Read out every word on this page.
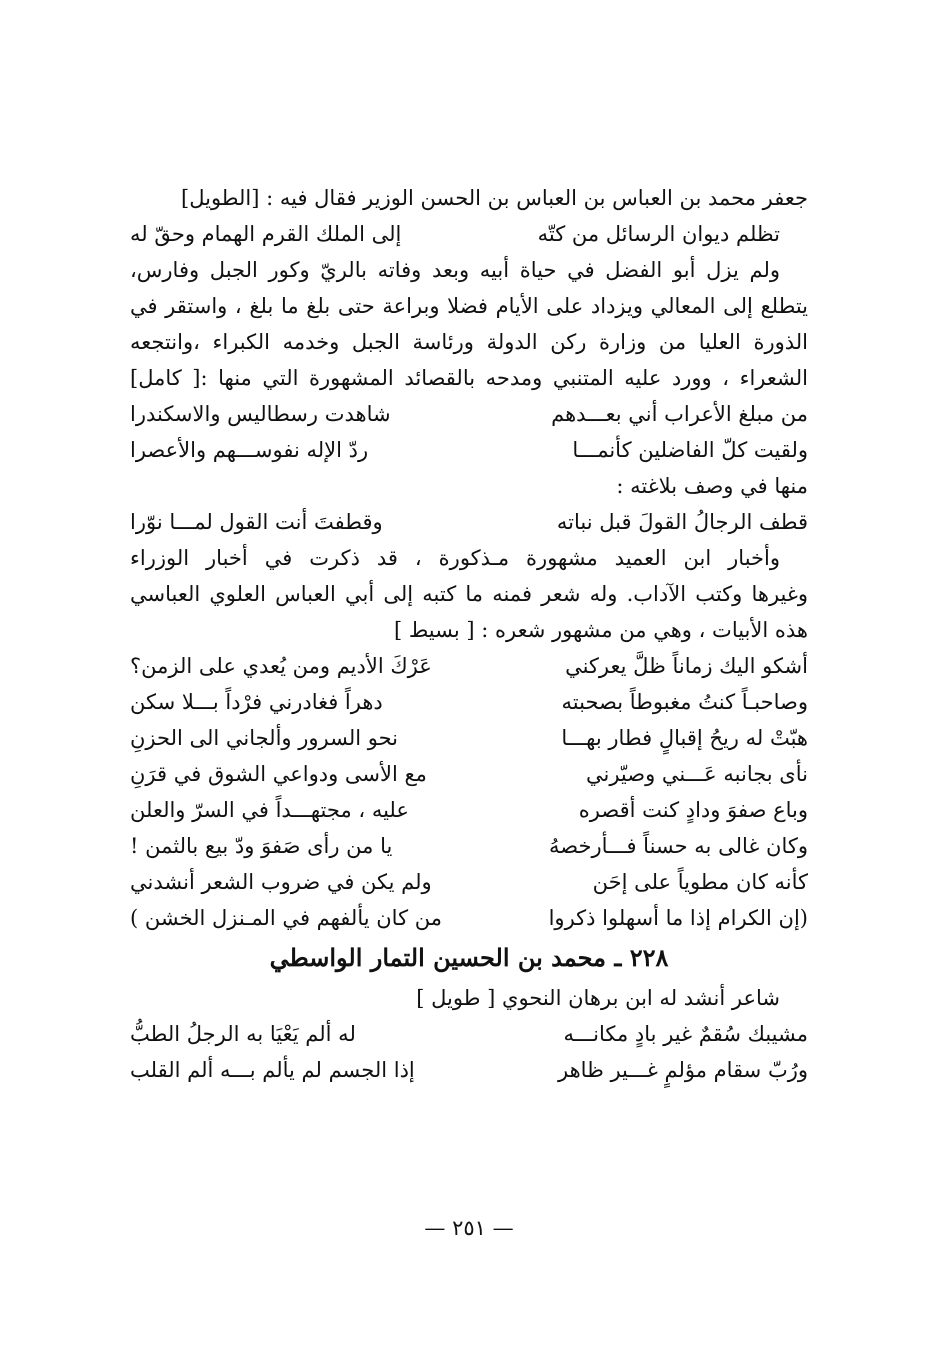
جعفر محمد بن العباس بن العباس بن الحسن الوزير فقال فيه : [الطويل]
تظلم ديوان الرسائل من كتّه
إلى الملك القرم الهمام وحقّ له
ولم يزل أبو الفضل في حياة أبيه وبعد وفاته بالريّ وكور الجبل وفارس،
يتطلع إلى المعالي ويزداد على الأيام فضلا وبراعة حتى بلغ ما بلغ ، واستقر في
الذورة العليا من وزارة ركن الدولة ورئاسة الجبل وخدمه الكبراء ،وانتجعه
الشعراء ، وورد عليه المتنبي ومدحه بالقصائد المشهورة التي منها :[ كامل]
من مبلغ الأعراب أني بعـــدهم
شاهدت رسطاليس والاسكندرا
ولقيت كلّ الفاضلين كأنمـــا
ردّ الإله نفوســـهم والأعصرا
منها في وصف بلاغته :
قطف الرجالُ القولَ قبل نباته
وقطفتَ أنت القول لمـــا نوّرا
وأخبار ابن العميد مشهورة مـذكورة ، قد ذكرت في أخبار الوزراء
وغيرها وكتب الآداب. وله شعر فمنه ما كتبه إلى أبي العباس العلوي العباسي
هذه الأبيات ، وهي من مشهور شعره : [ بسيط ]
أشكو اليك زماناً ظلَّ يعركني
عَرْكَ الأديم ومن يُعدي على الزمن؟
وصاحبـاً كنتُ مغبوطاً بصحبته
دهراً فغادرني فرْداً بـــلا سكن
هبّتْ له ريحُ إقبالٍ فطار بهـــا
نحو السرور وألجاني الى الحزنِ
نأى بجانبه عَـــني وصيّرني
مع الأسى ودواعي الشوق في قرَنِ
وباع صفوَ ودادٍ كنت أقصره
عليه ، مجتهـــداً في السرّ والعلن
وكان غالى به حسناً فـــأرخصهُ
يا من رأى صَفوَ ودّ بيع بالثمن !
كأنه كان مطوياً على إحَن
ولم يكن في ضروب الشعر أنشدني
(إن الكرام إذا ما أسهلوا ذكروا
من كان يألفهم في المـنزل الخشن )
٢٢٨ ـ محمد بن الحسين التمار الواسطي
شاعر أنشد له ابن برهان النحوي [ طويل ]
مشيبك سُقمٌ غير بادٍ مكانـــه
له ألم يَعْيَا به الرجلُ الطبُّ
ورُبّ سقام مؤلمٍ غـــير ظاهر
إذا الجسم لم يألم بـــه ألم القلب
— ٢٥١ —
